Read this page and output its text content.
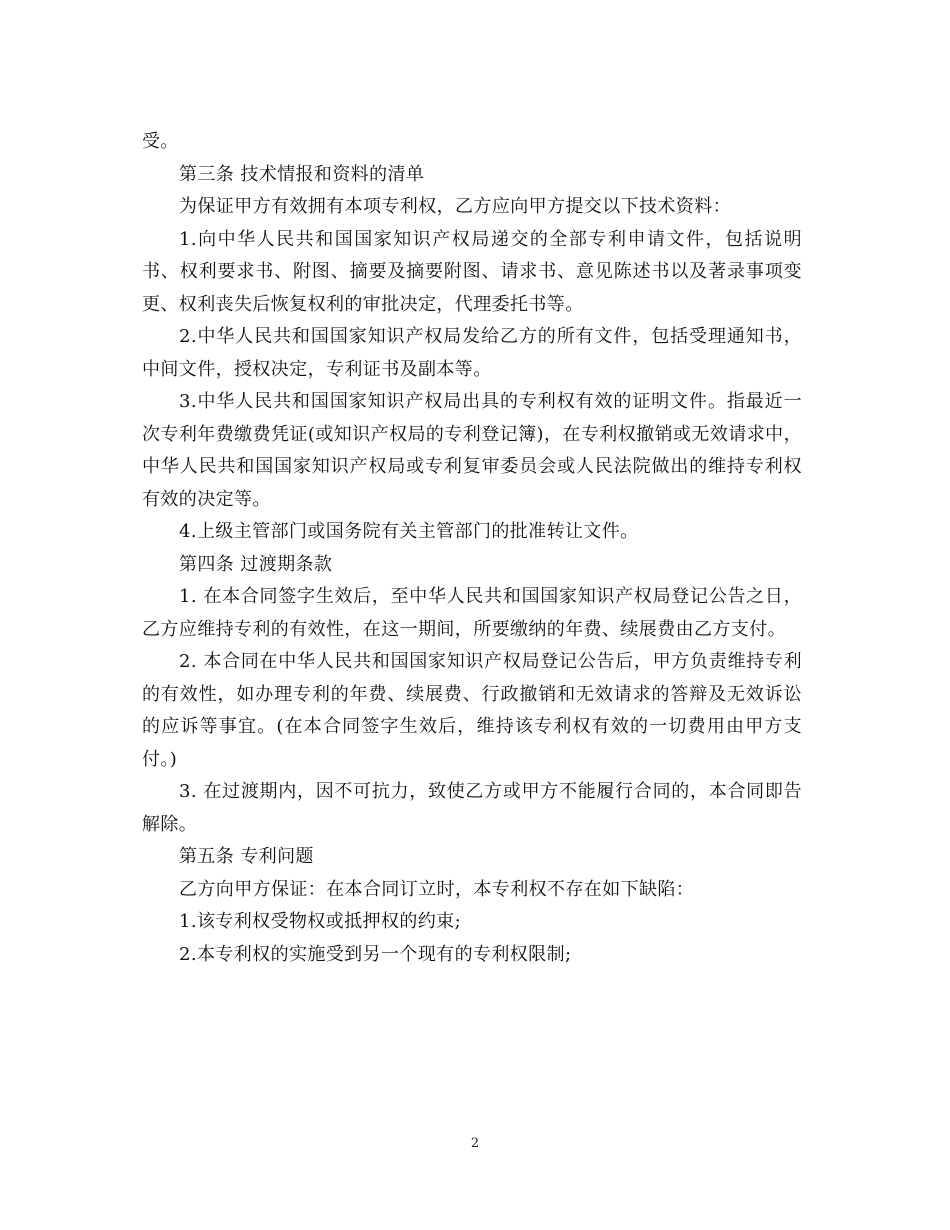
受。

第三条 技术情报和资料的清单

为保证甲方有效拥有本项专利权，乙方应向甲方提交以下技术资料：

1.向中华人民共和国国家知识产权局递交的全部专利申请文件，包括说明书、权利要求书、附图、摘要及摘要附图、请求书、意见陈述书以及著录事项变更、权利丧失后恢复权利的审批决定，代理委托书等。

2.中华人民共和国国家知识产权局发给乙方的所有文件，包括受理通知书，中间文件，授权决定，专利证书及副本等。

3.中华人民共和国国家知识产权局出具的专利权有效的证明文件。指最近一次专利年费缴费凭证(或知识产权局的专利登记簿)，在专利权撤销或无效请求中，中华人民共和国国家知识产权局或专利复审委员会或人民法院做出的维持专利权有效的决定等。

4.上级主管部门或国务院有关主管部门的批准转让文件。

第四条 过渡期条款

1. 在本合同签字生效后，至中华人民共和国国家知识产权局登记公告之日，乙方应维持专利的有效性，在这一期间，所要缴纳的年费、续展费由乙方支付。

2. 本合同在中华人民共和国国家知识产权局登记公告后，甲方负责维持专利的有效性，如办理专利的年费、续展费、行政撤销和无效请求的答辩及无效诉讼的应诉等事宜。(在本合同签字生效后，维持该专利权有效的一切费用由甲方支付。)

3. 在过渡期内，因不可抗力，致使乙方或甲方不能履行合同的，本合同即告解除。

第五条 专利问题

乙方向甲方保证：在本合同订立时，本专利权不存在如下缺陷：

1.该专利权受物权或抵押权的约束;

2.本专利权的实施受到另一个现有的专利权限制;

2
